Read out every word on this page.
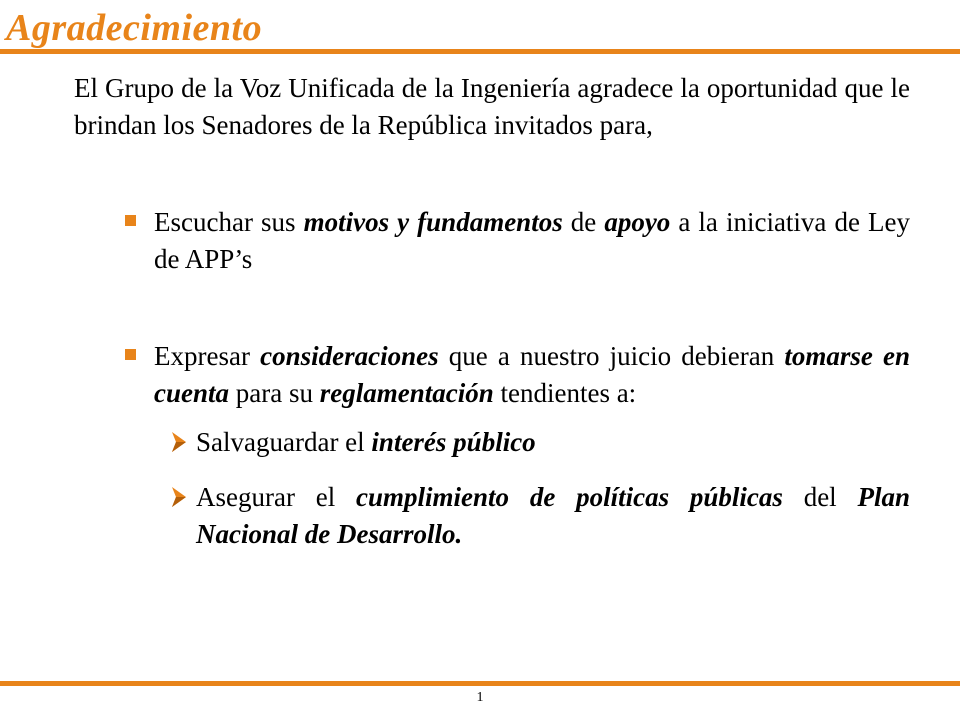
Agradecimiento

El Grupo de la Voz Unificada de la Ingeniería agradece la oportunidad que le brindan los Senadores de la República invitados para,

Escuchar sus motivos y fundamentos de apoyo a la iniciativa de Ley de APP’s

Expresar consideraciones que a nuestro juicio debieran tomarse en cuenta para su reglamentación tendientes a:

Salvaguardar el interés público

Asegurar el cumplimiento de políticas públicas del Plan Nacional de Desarrollo.

1
